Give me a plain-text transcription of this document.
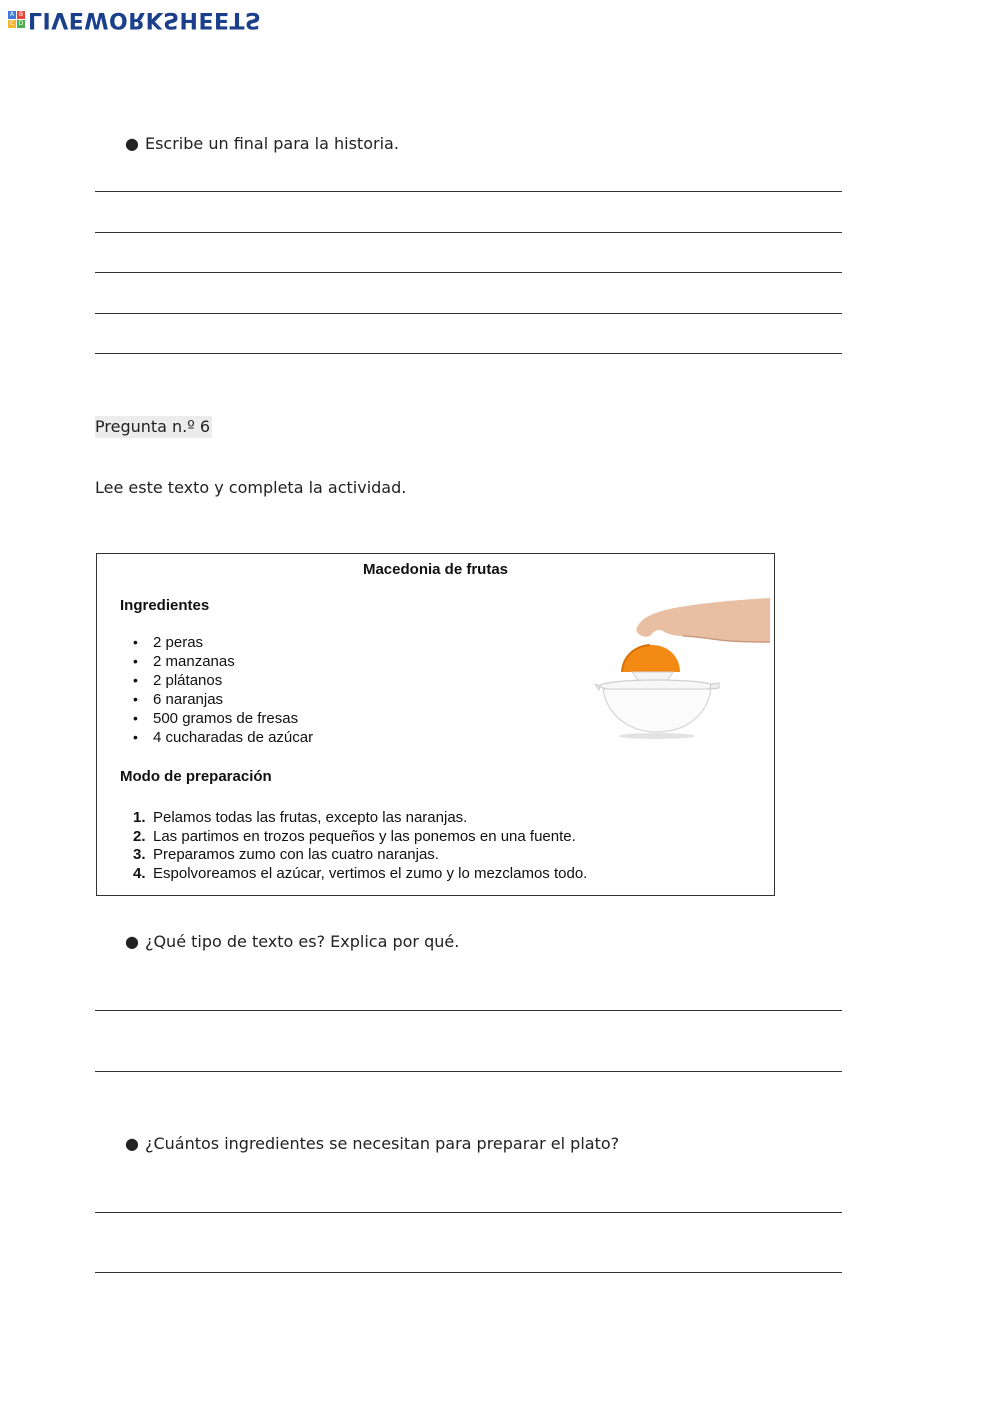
A B
C D LIVEWORKSHEETS
● Escribe un final para la historia.
Pregunta n.º 6
Lee este texto y completa la actividad.
Macedonia de frutas
Ingredientes
• 2 peras
• 2 manzanas
• 2 plátanos
• 6 naranjas
• 500 gramos de fresas
• 4 cucharadas de azúcar
Modo de preparación
1. Pelamos todas las frutas, excepto las naranjas.
2. Las partimos en trozos pequeños y las ponemos en una fuente.
3. Preparamos zumo con las cuatro naranjas.
4. Espolvoreamos el azúcar, vertimos el zumo y lo mezclamos todo.
● ¿Qué tipo de texto es? Explica por qué.
● ¿Cuántos ingredientes se necesitan para preparar el plato?
